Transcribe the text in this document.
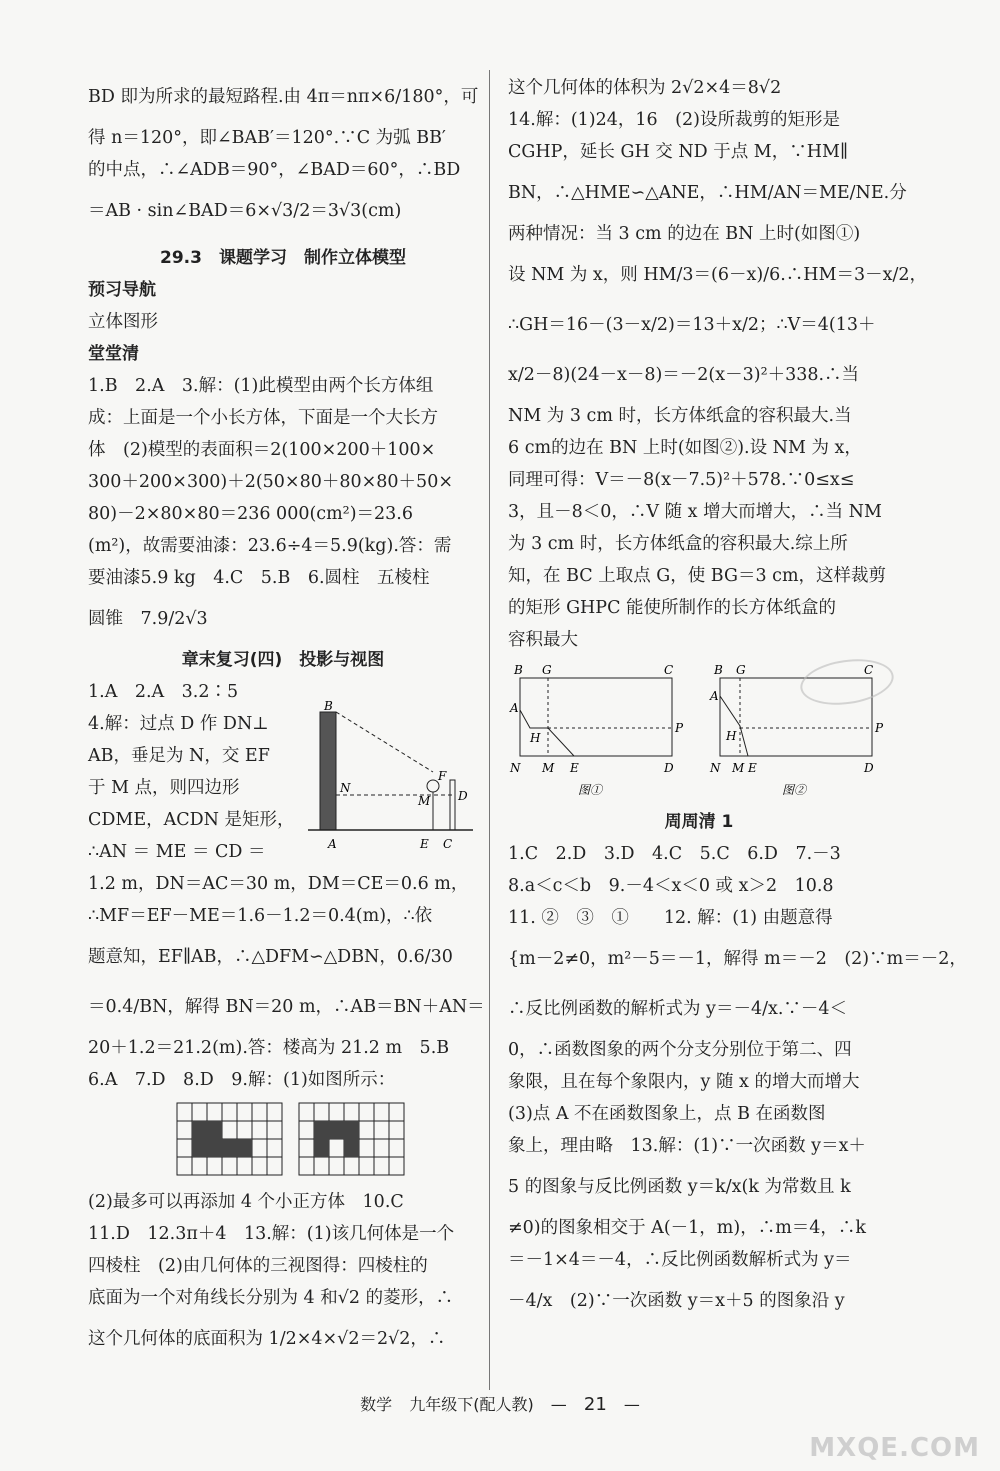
BD 即为所求的最短路程.由 4π＝nπ×6/180°，可
得 n＝120°，即∠BAB′＝120°.∵C 为弧 BB′
的中点，∴∠ADB＝90°，∠BAD＝60°，∴BD
＝AB · sin∠BAD＝6×√3/2＝3√3(cm)
29.3　课题学习　制作立体模型
预习导航
立体图形
堂堂清
1.B　2.A　3.解：(1)此模型由两个长方体组
成：上面是一个小长方体，下面是一个大长方
体　(2)模型的表面积＝2(100×200＋100×
300＋200×300)＋2(50×80＋80×80＋50×
80)－2×80×80＝236 000(cm²)＝23.6
(m²)，故需要油漆：23.6÷4＝5.9(kg).答：需
要油漆5.9 kg　4.C　5.B　6.圆柱　五棱柱
圆锥　7.9/2√3
章末复习(四)　投影与视图
1.A　2.A　3.2∶5
4.解：过点 D 作 DN⊥
AB，垂足为 N，交 EF
于 M 点，则四边形
CDME，ACDN 是矩形，
∴AN ＝ ME ＝ CD ＝
B
N
A
M
F
D
E C
1.2 m，DN＝AC＝30 m，DM＝CE＝0.6 m，
∴MF＝EF－ME＝1.6－1.2＝0.4(m)，∴依
题意知，EF∥AB，∴△DFM∽△DBN，0.6/30
＝0.4/BN，解得 BN＝20 m，∴AB＝BN＋AN＝
20＋1.2＝21.2(m).答：楼高为 21.2 m　5.B
6.A　7.D　8.D　9.解：(1)如图所示：
(2)最多可以再添加 4 个小正方体　10.C
11.D　12.3π＋4　13.解：(1)该几何体是一个
四棱柱　(2)由几何体的三视图得：四棱柱的
底面为一个对角线长分别为 4 和√2 的菱形，∴
这个几何体的底面积为 1/2×4×√2＝2√2，∴
这个几何体的体积为 2√2×4＝8√2
14.解：(1)24，16　(2)设所裁剪的矩形是
CGHP，延长 GH 交 ND 于点 M，∵HM∥
BN，∴△HME∽△ANE，∴HM/AN＝ME/NE.分
两种情况：当 3 cm 的边在 BN 上时(如图①)
设 NM 为 x，则 HM/3＝(6－x)/6.∴HM＝3－x/2，
∴GH＝16－(3－x/2)＝13＋x/2；∴V＝4(13＋
x/2－8)(24－x－8)＝－2(x－3)²＋338.∴当
NM 为 3 cm 时，长方体纸盒的容积最大.当
6 cm的边在 BN 上时(如图②).设 NM 为 x，
同理可得：V＝－8(x－7.5)²＋578.∵0≤x≤
3，且－8＜0，∴V 随 x 增大而增大，∴当 NM
为 3 cm 时，长方体纸盒的容积最大.综上所
知，在 BC 上取点 G，使 BG＝3 cm，这样裁剪
的矩形 GHPC 能使所制作的长方体纸盒的
容积最大
B G	C
A
H
P
N M E	D
图①
B G	C
A
H
P
N M E	D
图②
周周清 1
1.C　2.D　3.D　4.C　5.C　6.D　7.－3
8.a＜c＜b　9.－4＜x＜0 或 x＞2　10.8
11. ②　③　①　　12. 解：(1) 由题意得
{m－2≠0，m²－5＝－1，解得 m＝－2　(2)∵m＝－2，
∴反比例函数的解析式为 y＝－4/x.∵－4＜
0，∴函数图象的两个分支分别位于第二、四
象限，且在每个象限内，y 随 x 的增大而增大
(3)点 A 不在函数图象上，点 B 在函数图
象上，理由略　13.解：(1)∵一次函数 y＝x＋
5 的图象与反比例函数 y＝k/x(k 为常数且 k
≠0)的图象相交于 A(－1，m)，∴m＝4，∴k
＝－1×4＝－4，∴反比例函数解析式为 y＝
－4/x　(2)∵一次函数 y＝x＋5 的图象沿 y
数学 九年级下(配人教) — 21 —
MXQE.COM
